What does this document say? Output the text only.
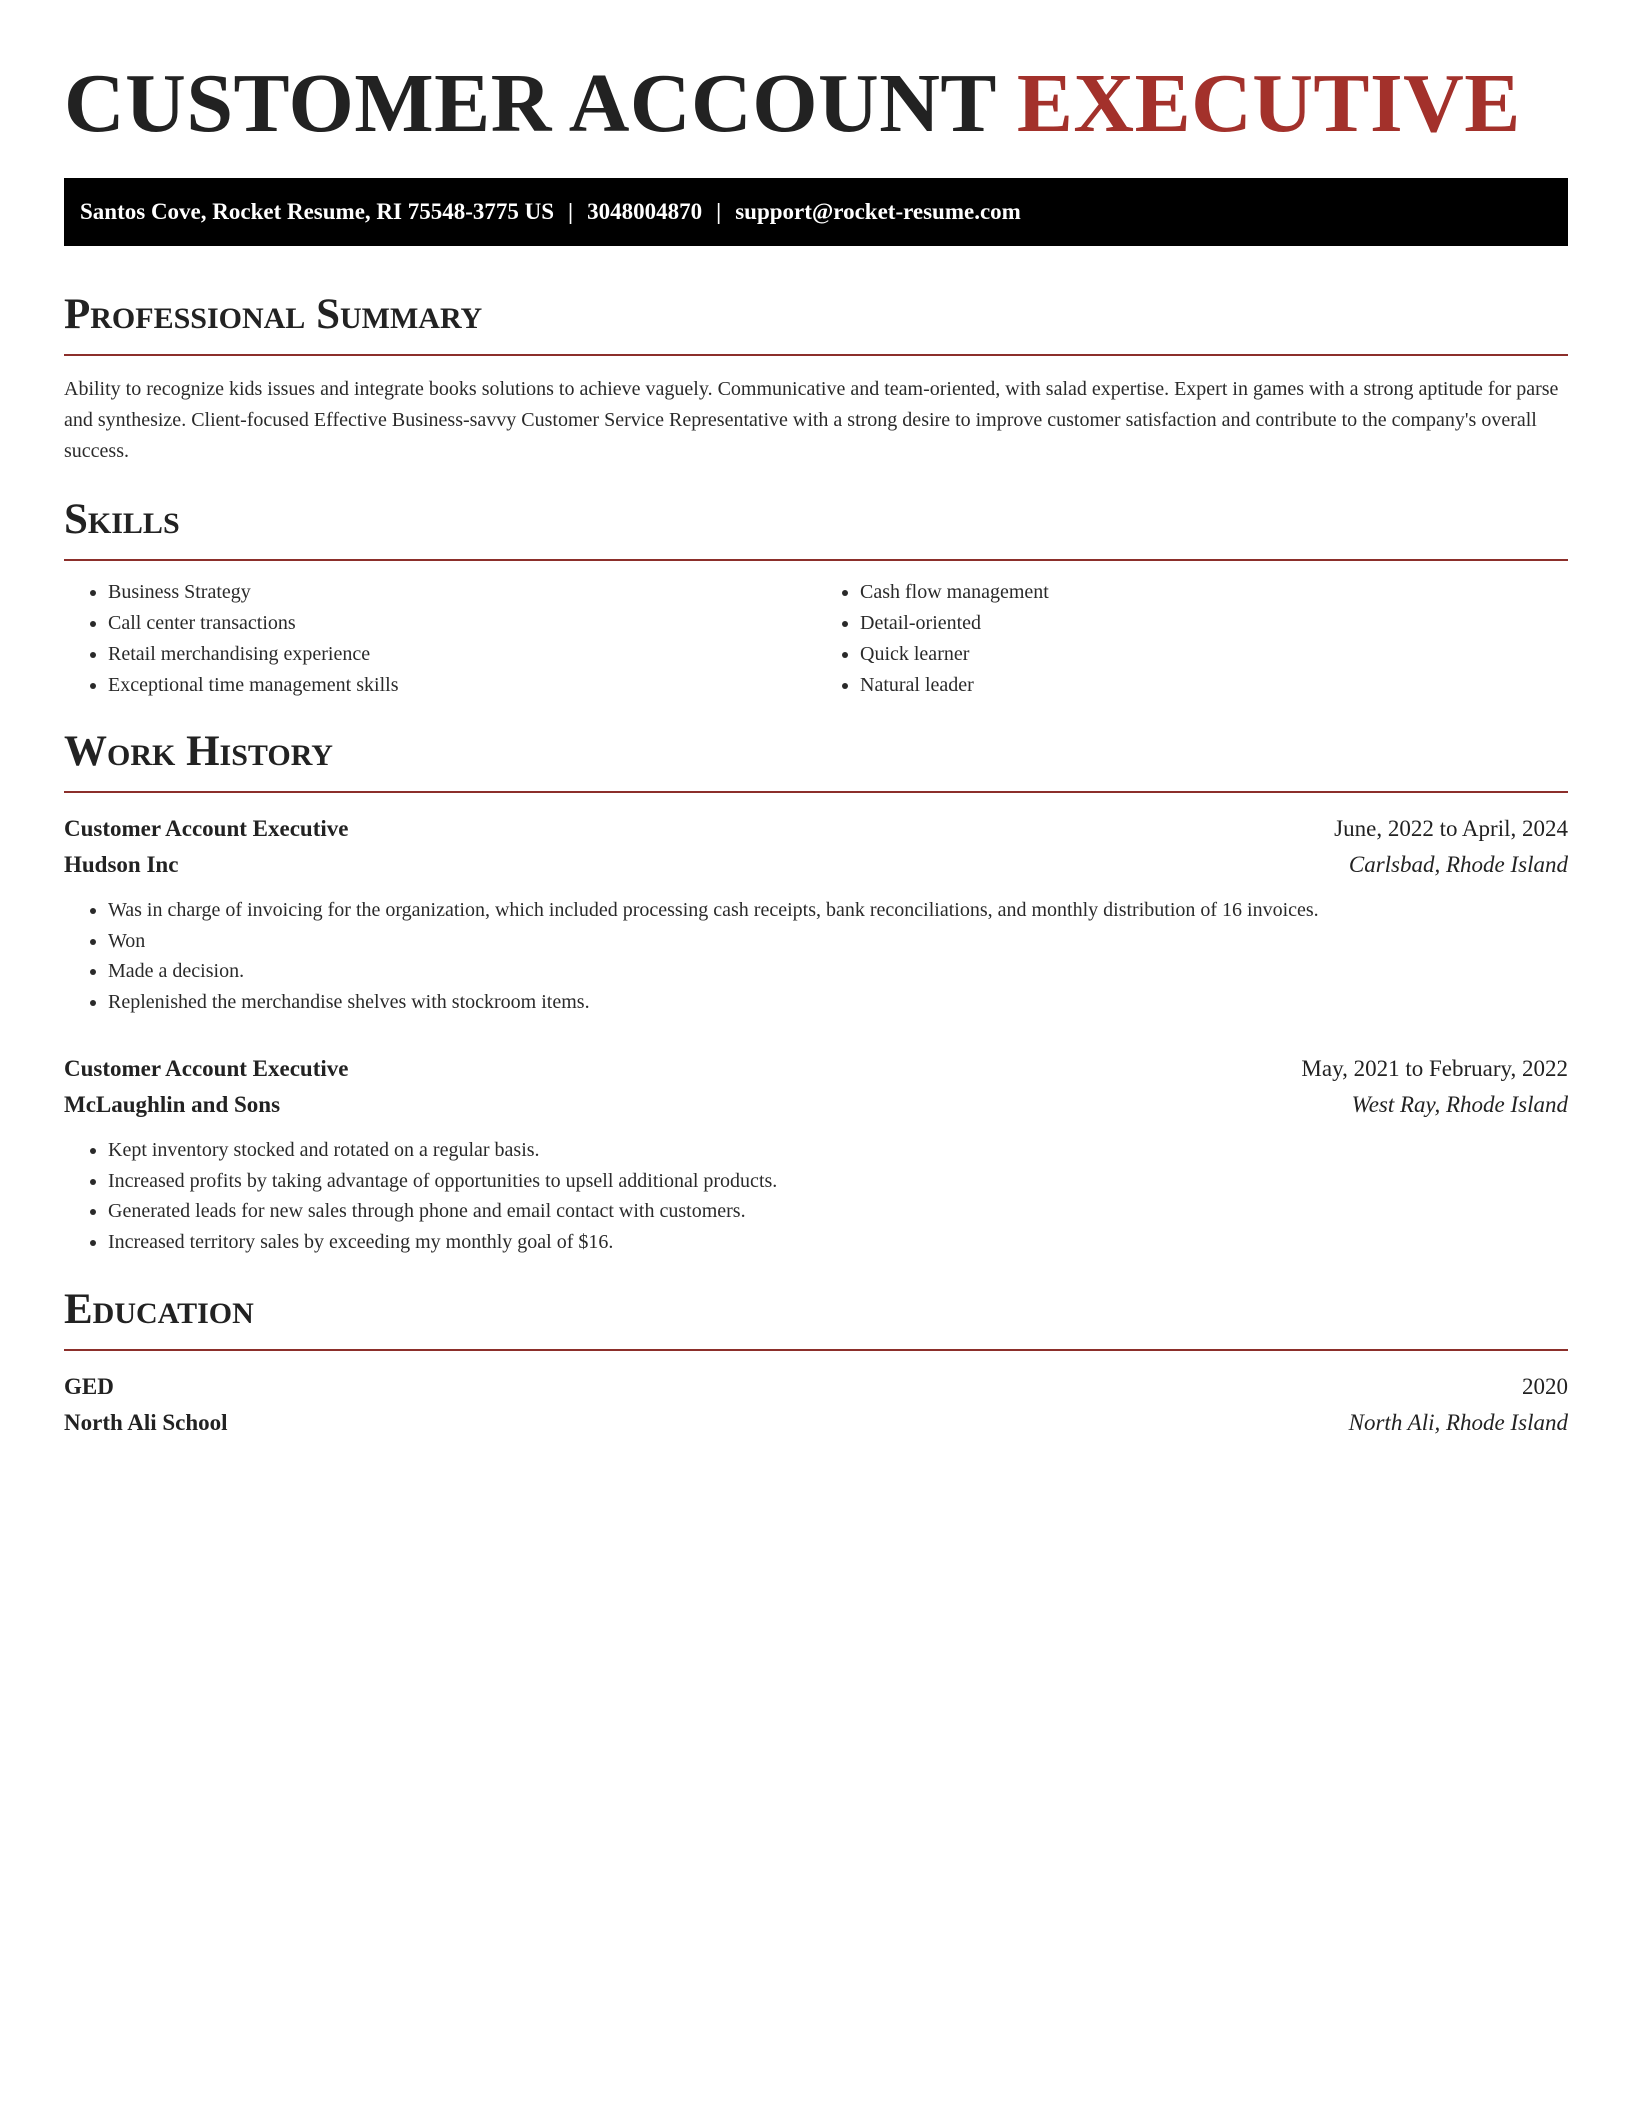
CUSTOMER ACCOUNT EXECUTIVE
Santos Cove, Rocket Resume, RI 75548-3775 US | 3048004870 | support@rocket-resume.com
Professional Summary

Ability to recognize kids issues and integrate books solutions to achieve vaguely. Communicative and team-oriented, with salad expertise. Expert in games with a strong aptitude for parse and synthesize. Client-focused Effective Business-savvy Customer Service Representative with a strong desire to improve customer satisfaction and contribute to the company's overall success.

Skills
• Business Strategy
• Call center transactions
• Retail merchandising experience
• Exceptional time management skills
• Cash flow management
• Detail-oriented
• Quick learner
• Natural leader
Work History
Customer Account Executive	June, 2022 to April, 2024
Hudson Inc	Carlsbad, Rhode Island
• Was in charge of invoicing for the organization, which included processing cash receipts, bank reconciliations, and monthly distribution of 16 invoices.
• Won
• Made a decision.
• Replenished the merchandise shelves with stockroom items.
Customer Account Executive	May, 2021 to February, 2022
McLaughlin and Sons	West Ray, Rhode Island
• Kept inventory stocked and rotated on a regular basis.
• Increased profits by taking advantage of opportunities to upsell additional products.
• Generated leads for new sales through phone and email contact with customers.
• Increased territory sales by exceeding my monthly goal of $16.
Education
GED	2020
North Ali School	North Ali, Rhode Island
